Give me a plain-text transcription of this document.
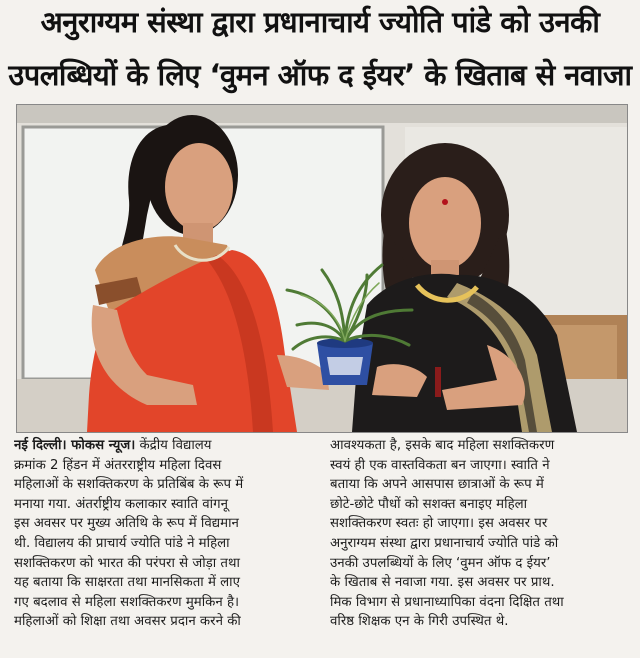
अनुराग्यम संस्था द्वारा प्रधानाचार्य ज्योति पांडे को उनकी
उपलब्धियों के लिए ‘वुमन ऑफ द ईयर’ के खिताब से नवाजा
नई दिल्ली। फोकस न्यूज। केंद्रीय विद्यालय
क्रमांक 2 हिंडन में अंतरराष्ट्रीय महिला दिवस
महिलाओं के सशक्तिकरण के प्रतिबिंब के रूप में
मनाया गया. अंतर्राष्ट्रीय कलाकार स्वाति वांगनू
इस अवसर पर मुख्य अतिथि के रूप में विद्यमान
थी. विद्यालय की प्राचार्य ज्योति पांडे ने महिला
सशक्तिकरण को भारत की परंपरा से जोड़ा तथा
यह बताया कि साक्षरता तथा मानसिकता में लाए
गए बदलाव से महिला सशक्तिकरण मुमकिन है।
महिलाओं को शिक्षा तथा अवसर प्रदान करने की
आवश्यकता है, इसके बाद महिला सशक्तिकरण
स्वयं ही एक वास्तविकता बन जाएगा। स्वाति ने
बताया कि अपने आसपास छात्राओं के रूप में
छोटे-छोटे पौधों को सशक्त बनाइए महिला
सशक्तिकरण स्वतः हो जाएगा। इस अवसर पर
अनुराग्यम संस्था द्वारा प्रधानाचार्य ज्योति पांडे को
उनकी उपलब्धियों के लिए ‘वुमन ऑफ द ईयर’
के खिताब से नवाजा गया. इस अवसर पर प्राथ.
मिक विभाग से प्रधानाध्यापिका वंदना दिक्षित तथा
वरिष्ठ शिक्षक एन के गिरी उपस्थित थे.
